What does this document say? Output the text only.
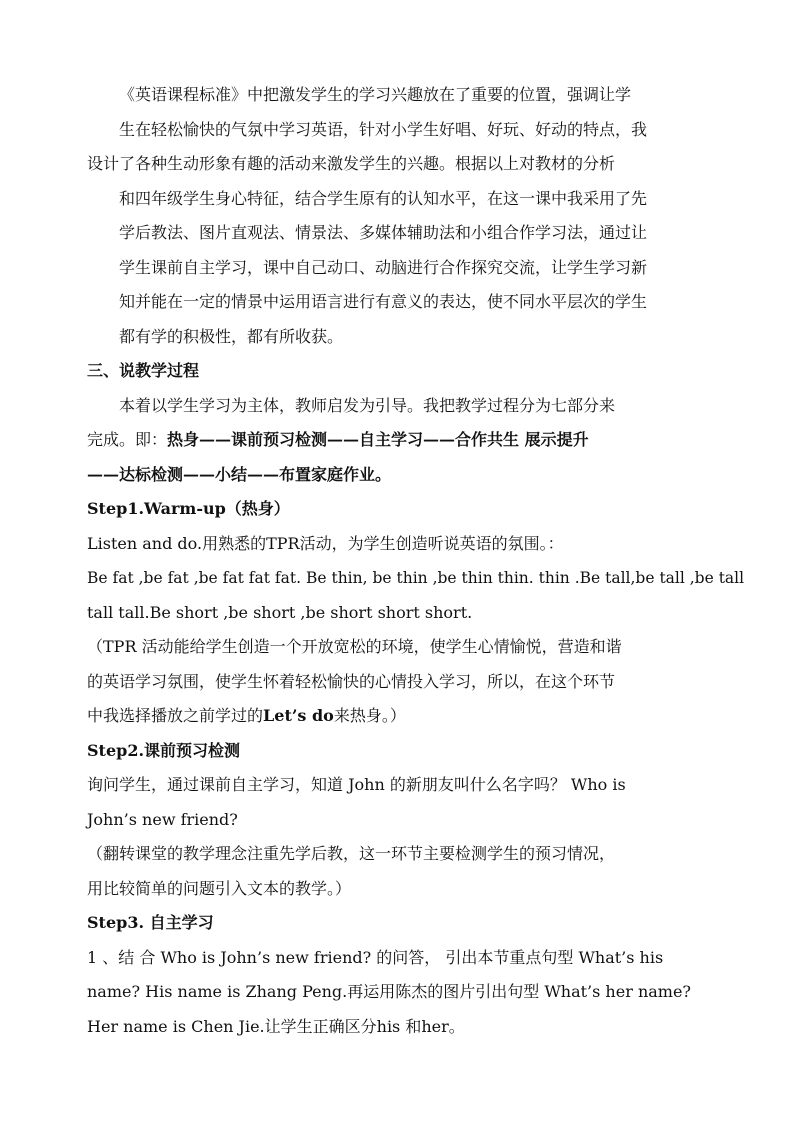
《英语课程标准》中把激发学生的学习兴趣放在了重要的位置，强调让学
生在轻松愉快的气氛中学习英语，针对小学生好唱、好玩、好动的特点，我
设计了各种生动形象有趣的活动来激发学生的兴趣。根据以上对教材的分析
和四年级学生身心特征，结合学生原有的认知水平，在这一课中我采用了先
学后教法、图片直观法、情景法、多媒体辅助法和小组合作学习法，通过让
学生课前自主学习，课中自己动口、动脑进行合作探究交流，让学生学习新
知并能在一定的情景中运用语言进行有意义的表达，使不同水平层次的学生
都有学的积极性，都有所收获。
三、说教学过程
本着以学生学习为主体，教师启发为引导。我把教学过程分为七部分来
完成。即：热身——课前预习检测——自主学习——合作共生 展示提升
——达标检测——小结——布置家庭作业。
Step1.Warm-up（热身）
Listen and do.用熟悉的TPR活动，为学生创造听说英语的氛围。：
Be fat ,be fat ,be fat fat fat. Be thin, be thin ,be thin thin. thin .Be tall,be tall ,be tall
tall tall.Be short ,be short ,be short short short.
（TPR 活动能给学生创造一个开放宽松的环境，使学生心情愉悦，营造和谐
的英语学习氛围，使学生怀着轻松愉快的心情投入学习，所以，在这个环节
中我选择播放之前学过的Let’s do来热身。）
Step2.课前预习检测
询问学生，通过课前自主学习，知道 John 的新朋友叫什么名字吗？ Who is
John’s new friend?
（翻转课堂的教学理念注重先学后教，这一环节主要检测学生的预习情况，
用比较简单的问题引入文本的教学。）
Step3. 自主学习
1 、结 合 Who is John’s new friend? 的问答， 引出本节重点句型 What’s his
name? His name is Zhang Peng.再运用陈杰的图片引出句型 What’s her name?
Her name is Chen Jie.让学生正确区分his 和her。
